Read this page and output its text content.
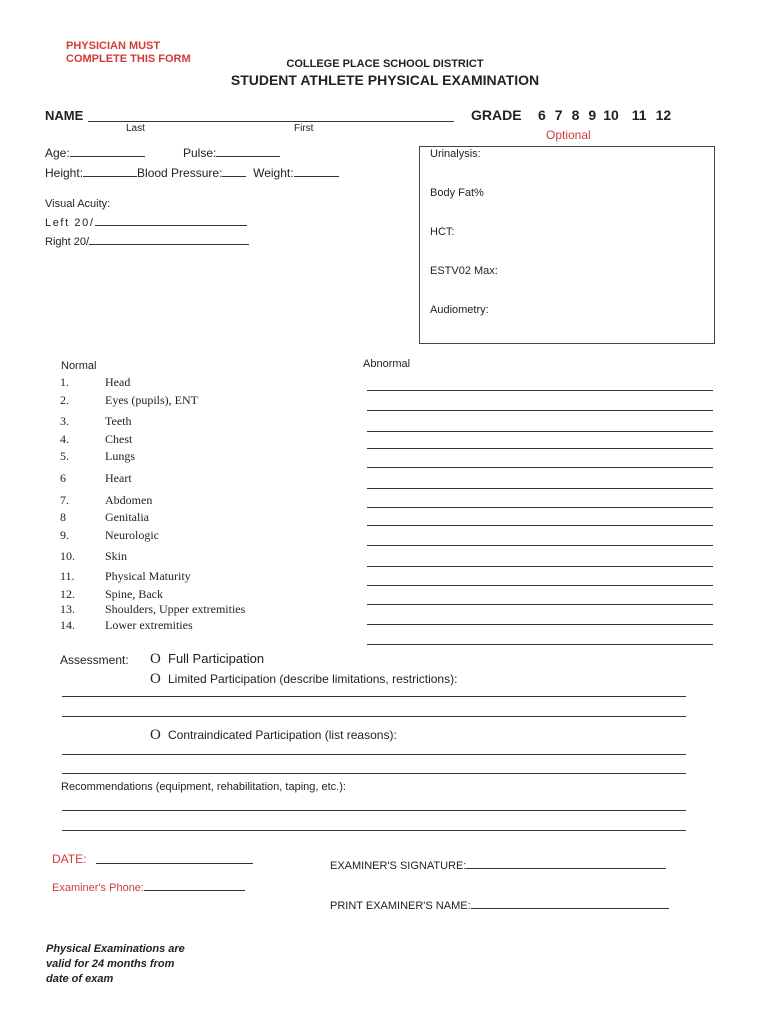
PHYSICIAN MUST
COMPLETE THIS FORM	COLLEGE PLACE SCHOOL DISTRICT
STUDENT ATHLETE PHYSICAL EXAMINATION
NAME
Last	First
GRADE 6 7 8 9 10 11 12
Optional
Age:	Pulse:
Height:	Blood Pressure:	Weight:
Visual Acuity:
Left 20/
Right 20/
Urinalysis:
Body Fat%
HCT:
ESTV02 Max:
Audiometry:
Normal	Abnormal
1.	Head
2.	Eyes (pupils), ENT
3.	Teeth
4.	Chest
5.	Lungs
6	Heart
7.	Abdomen
8	Genitalia
9.	Neurologic
10.	Skin
11.	Physical Maturity
12.	Spine, Back
13.	Shoulders, Upper extremities
14.	Lower extremities
Assessment: O Full Participation
O Limited Participation (describe limitations, restrictions):
O Contraindicated Participation (list reasons):
Recommendations (equipment, rehabilitation, taping, etc.):
DATE:	EXAMINER'S SIGNATURE:
Examiner's Phone:
PRINT EXAMINER'S NAME:
Physical Examinations are
valid for 24 months from
date of exam
